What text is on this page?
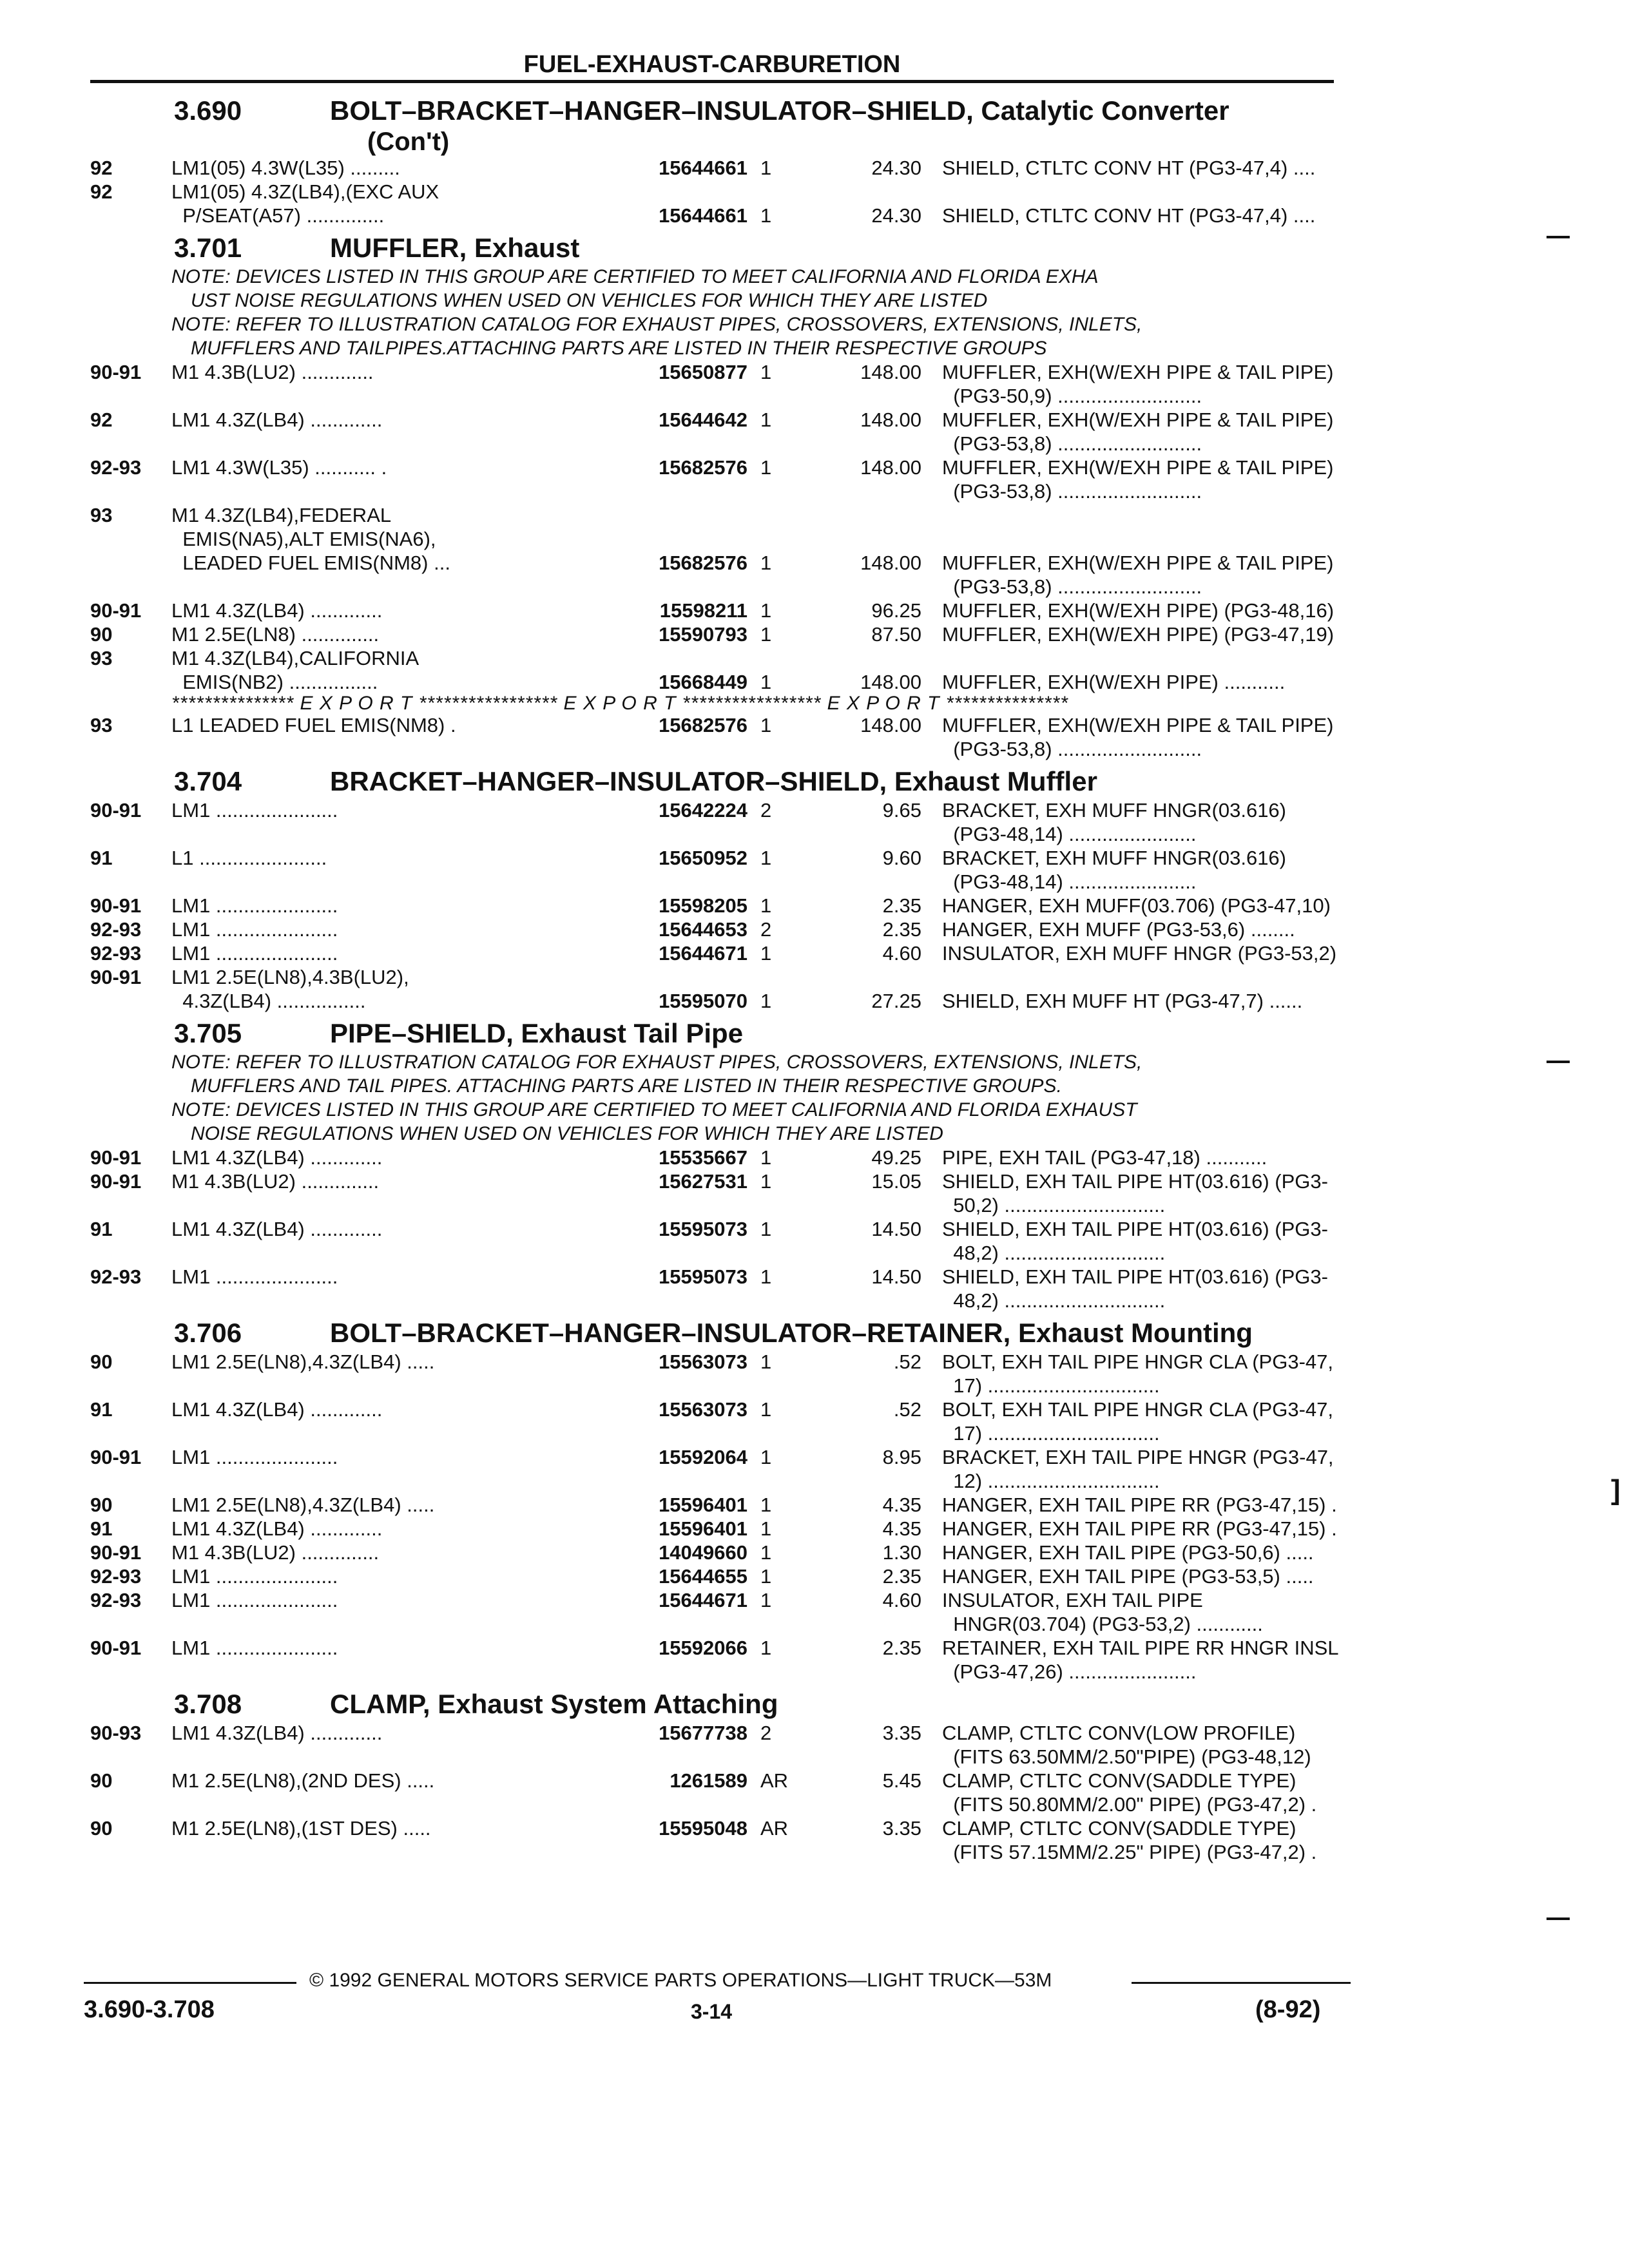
FUEL-EXHAUST-CARBURETION
]
3.690	BOLT–BRACKET–HANGER–INSULATOR–SHIELD, Catalytic Converter
(Con't)
92	LM1(05) 4.3W(L35) .........	15644661 1	24.30 SHIELD, CTLTC CONV HT (PG3-47,4) ....
92	LM1(05) 4.3Z(LB4),(EXC AUX
P/SEAT(A57) ..............	15644661 1	24.30 SHIELD, CTLTC CONV HT (PG3-47,4) ....
3.701	MUFFLER, Exhaust
NOTE: DEVICES LISTED IN THIS GROUP ARE CERTIFIED TO MEET CALIFORNIA AND FLORIDA EXHA
UST NOISE REGULATIONS WHEN USED ON VEHICLES FOR WHICH THEY ARE LISTED
NOTE: REFER TO ILLUSTRATION CATALOG FOR EXHAUST PIPES, CROSSOVERS, EXTENSIONS, INLETS,
MUFFLERS AND TAILPIPES.ATTACHING PARTS ARE LISTED IN THEIR RESPECTIVE GROUPS
90-91	M1 4.3B(LU2) .............	15650877 1	148.00 MUFFLER, EXH(W/EXH PIPE & TAIL PIPE)
(PG3-50,9) ..........................
92	LM1 4.3Z(LB4) .............	15644642 1	148.00 MUFFLER, EXH(W/EXH PIPE & TAIL PIPE)
(PG3-53,8) ..........................
92-93	LM1 4.3W(L35) ........... .	15682576 1	148.00 MUFFLER, EXH(W/EXH PIPE & TAIL PIPE)
(PG3-53,8) ..........................
93	M1 4.3Z(LB4),FEDERAL
EMIS(NA5),ALT EMIS(NA6),
LEADED FUEL EMIS(NM8) ...	15682576 1	148.00 MUFFLER, EXH(W/EXH PIPE & TAIL PIPE)
(PG3-53,8) ..........................
90-91	LM1 4.3Z(LB4) .............	15598211 1	96.25 MUFFLER, EXH(W/EXH PIPE) (PG3-48,16)
90	M1 2.5E(LN8) ..............	15590793 1	87.50 MUFFLER, EXH(W/EXH PIPE) (PG3-47,19)
93	M1 4.3Z(LB4),CALIFORNIA
EMIS(NB2) ................	15668449 1	148.00 MUFFLER, EXH(W/EXH PIPE) ...........
*************** E X P O R T ***************** E X P O R T ***************** E X P O R T ***************
93	L1 LEADED FUEL EMIS(NM8) .	15682576 1	148.00 MUFFLER, EXH(W/EXH PIPE & TAIL PIPE)
(PG3-53,8) ..........................
3.704	BRACKET–HANGER–INSULATOR–SHIELD, Exhaust Muffler
90-91	LM1 ......................	15642224 2	9.65 BRACKET, EXH MUFF HNGR(03.616)
(PG3-48,14) .......................
91	L1 .......................	15650952 1	9.60 BRACKET, EXH MUFF HNGR(03.616)
(PG3-48,14) .......................
90-91	LM1 ......................	15598205 1	2.35 HANGER, EXH MUFF(03.706) (PG3-47,10)
92-93	LM1 ......................	15644653 2	2.35 HANGER, EXH MUFF (PG3-53,6) ........
92-93	LM1 ......................	15644671 1	4.60 INSULATOR, EXH MUFF HNGR (PG3-53,2)
90-91	LM1 2.5E(LN8),4.3B(LU2),
4.3Z(LB4) ................	15595070 1	27.25 SHIELD, EXH MUFF HT (PG3-47,7) ......
3.705	PIPE–SHIELD, Exhaust Tail Pipe
NOTE: REFER TO ILLUSTRATION CATALOG FOR EXHAUST PIPES, CROSSOVERS, EXTENSIONS, INLETS,
MUFFLERS AND TAIL PIPES. ATTACHING PARTS ARE LISTED IN THEIR RESPECTIVE GROUPS.
NOTE: DEVICES LISTED IN THIS GROUP ARE CERTIFIED TO MEET CALIFORNIA AND FLORIDA EXHAUST
NOISE REGULATIONS WHEN USED ON VEHICLES FOR WHICH THEY ARE LISTED
90-91	LM1 4.3Z(LB4) .............	15535667 1	49.25 PIPE, EXH TAIL (PG3-47,18) ...........
90-91	M1 4.3B(LU2) ..............	15627531 1	15.05 SHIELD, EXH TAIL PIPE HT(03.616) (PG3-
50,2) .............................
91	LM1 4.3Z(LB4) .............	15595073 1	14.50 SHIELD, EXH TAIL PIPE HT(03.616) (PG3-
48,2) .............................
92-93	LM1 ......................	15595073 1	14.50 SHIELD, EXH TAIL PIPE HT(03.616) (PG3-
48,2) .............................
3.706	BOLT–BRACKET–HANGER–INSULATOR–RETAINER, Exhaust Mounting
90	LM1 2.5E(LN8),4.3Z(LB4) .....	15563073 1	.52 BOLT, EXH TAIL PIPE HNGR CLA (PG3-47,
17) ...............................
91	LM1 4.3Z(LB4) .............	15563073 1	.52 BOLT, EXH TAIL PIPE HNGR CLA (PG3-47,
17) ...............................
90-91	LM1 ......................	15592064 1	8.95 BRACKET, EXH TAIL PIPE HNGR (PG3-47,
12) ...............................
90	LM1 2.5E(LN8),4.3Z(LB4) .....	15596401 1	4.35 HANGER, EXH TAIL PIPE RR (PG3-47,15) .
91	LM1 4.3Z(LB4) .............	15596401 1	4.35 HANGER, EXH TAIL PIPE RR (PG3-47,15) .
90-91	M1 4.3B(LU2) ..............	14049660 1	1.30 HANGER, EXH TAIL PIPE (PG3-50,6) .....
92-93	LM1 ......................	15644655 1	2.35 HANGER, EXH TAIL PIPE (PG3-53,5) .....
92-93	LM1 ......................	15644671 1	4.60 INSULATOR, EXH TAIL PIPE
HNGR(03.704) (PG3-53,2) ............
90-91	LM1 ......................	15592066 1	2.35 RETAINER, EXH TAIL PIPE RR HNGR INSL
(PG3-47,26) .......................
3.708	CLAMP, Exhaust System Attaching
90-93	LM1 4.3Z(LB4) .............	15677738 2	3.35 CLAMP, CTLTC CONV(LOW PROFILE)
(FITS 63.50MM/2.50"PIPE) (PG3-48,12)
90	M1 2.5E(LN8),(2ND DES) .....	1261589 AR	5.45 CLAMP, CTLTC CONV(SADDLE TYPE)
(FITS 50.80MM/2.00" PIPE) (PG3-47,2) .
90	M1 2.5E(LN8),(1ST DES) .....	15595048 AR	3.35 CLAMP, CTLTC CONV(SADDLE TYPE)
(FITS 57.15MM/2.25" PIPE) (PG3-47,2) .
© 1992 GENERAL MOTORS SERVICE PARTS OPERATIONS—LIGHT TRUCK—53M
3.690-3.708	3-14	(8-92)
